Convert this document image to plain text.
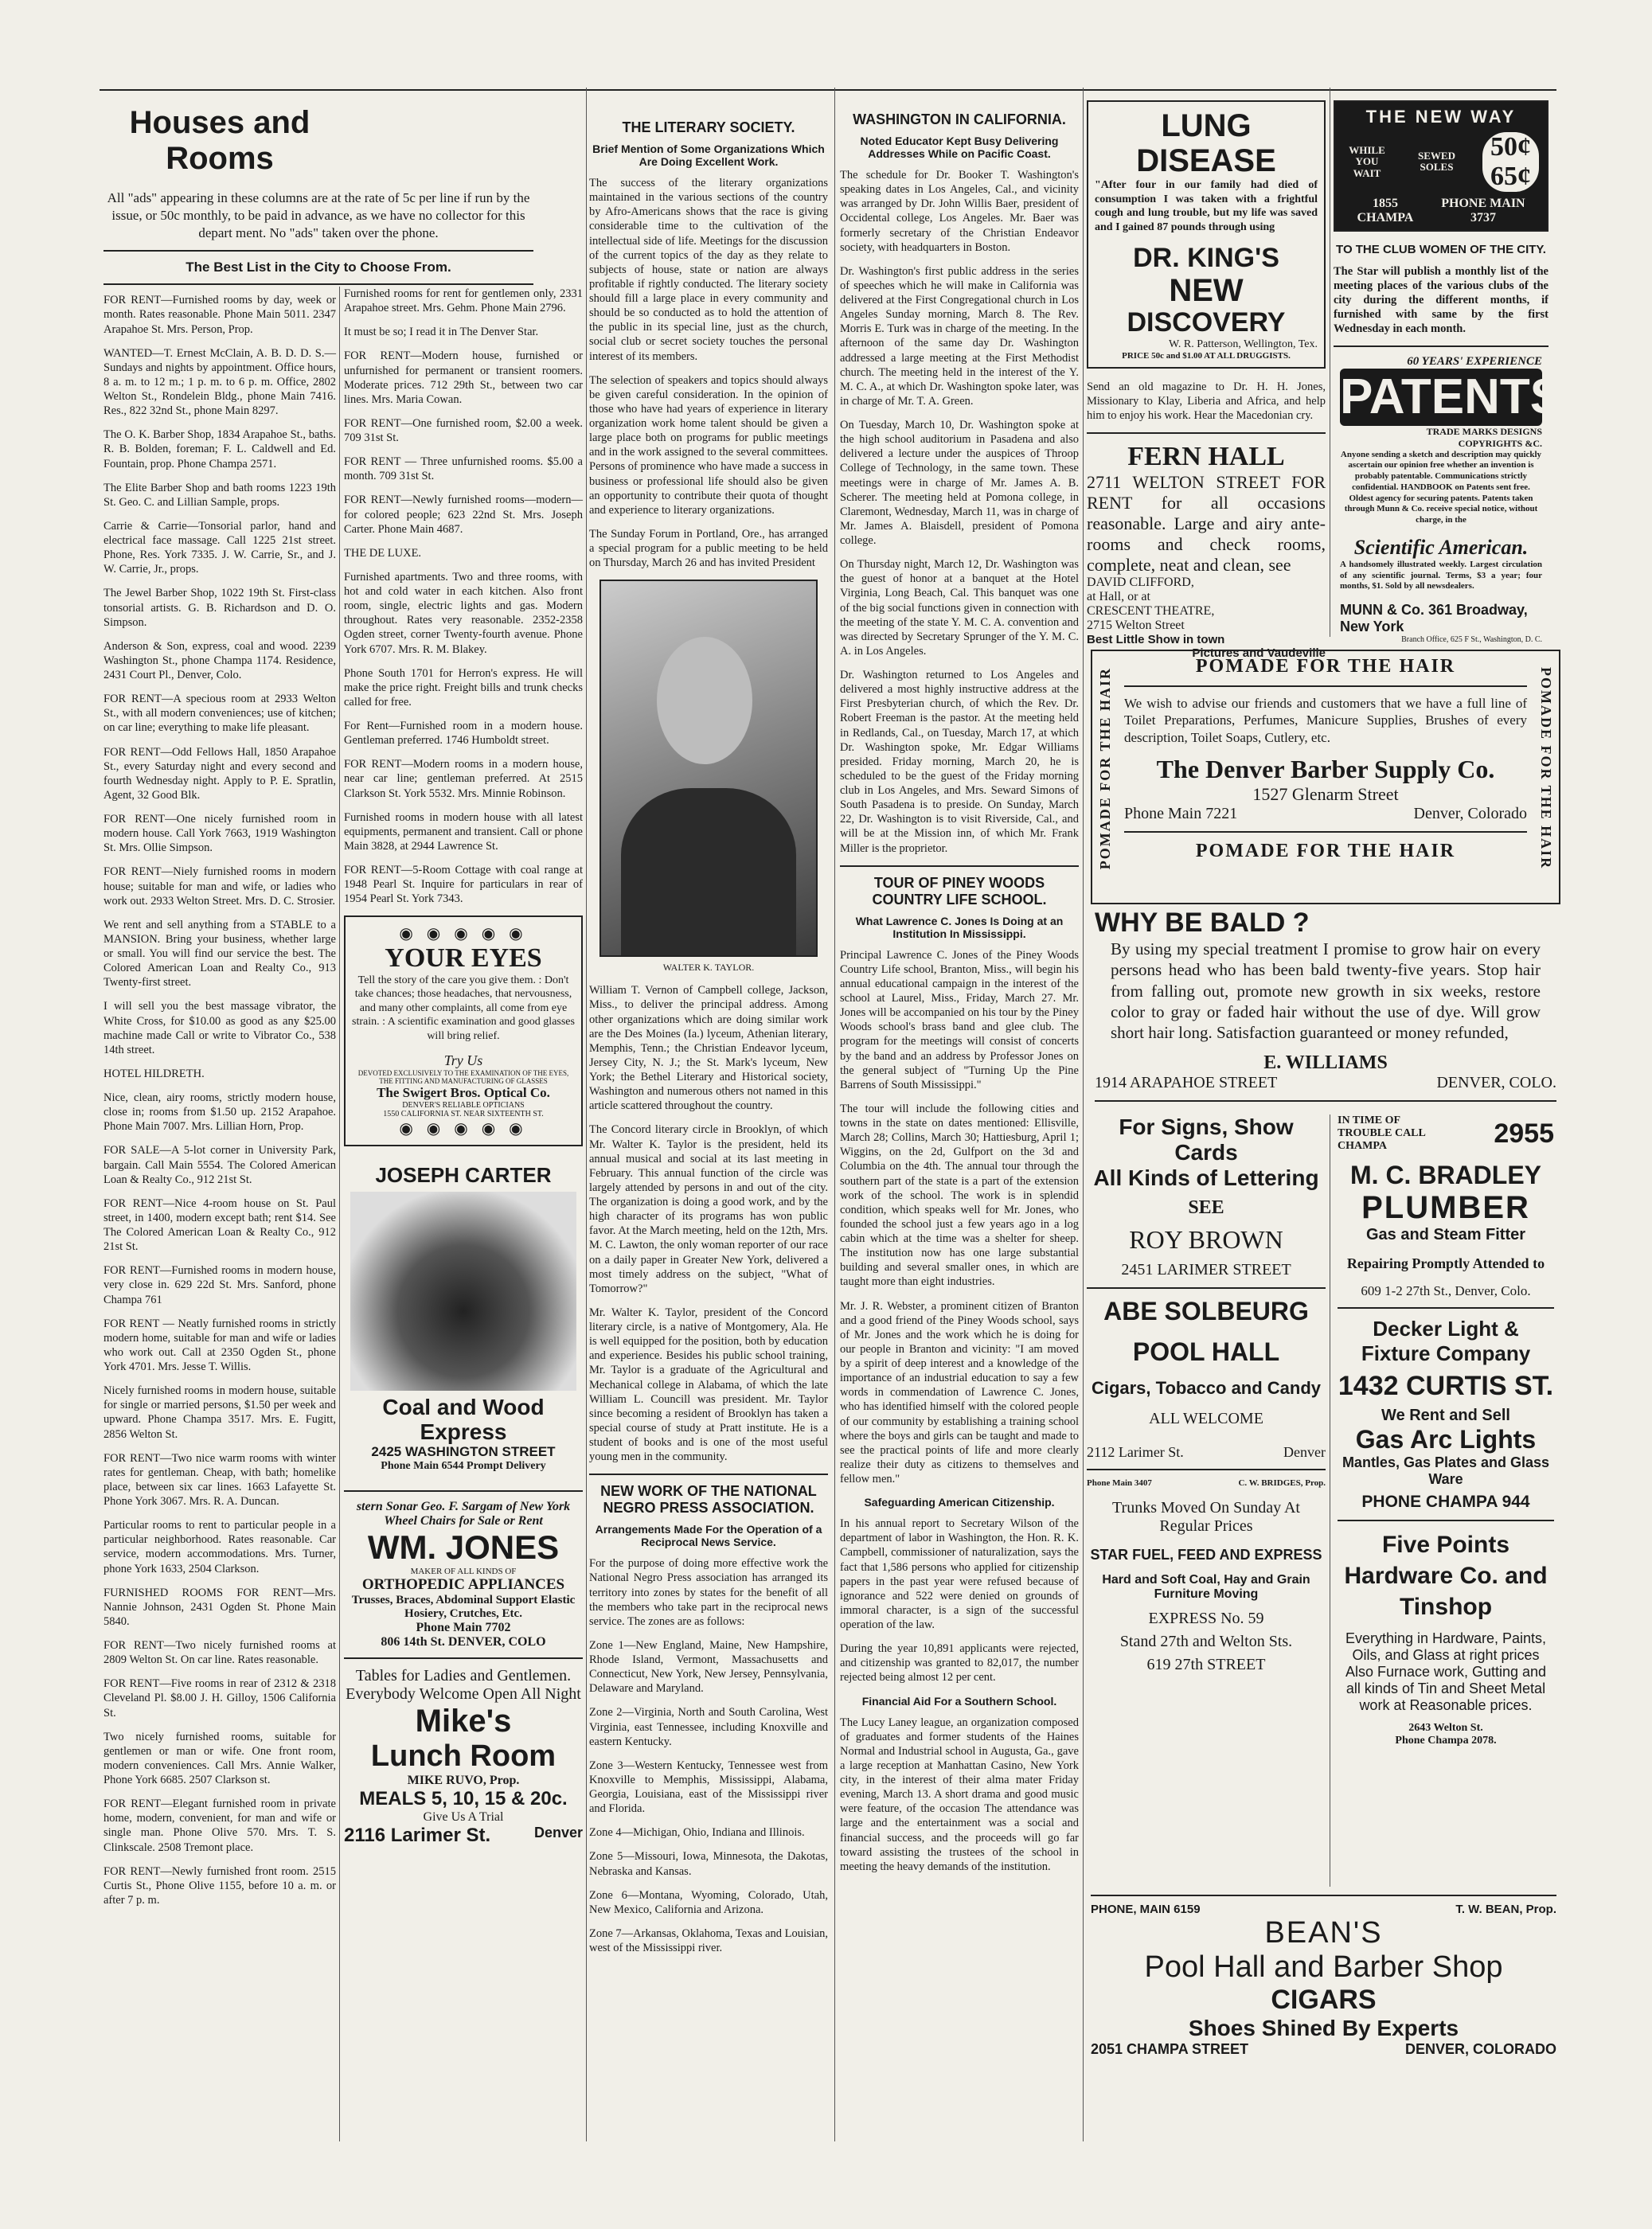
Houses and Rooms
All "ads" appearing in these columns are at the rate of 5c per line if run by the issue, or 50c monthly, to be paid in advance, as we have no collector for this depart ment. No "ads" taken over the phone.
The Best List in the City to Choose From.

FOR RENT—Furnished rooms by day, week or month. Rates reasonable. Phone Main 5011. 2347 Arapahoe St. Mrs. Person, Prop.

WANTED—T. Ernest McClain, A. B. D. D. S.—Sundays and nights by appointment. Office hours, 8 a. m. to 12 m.; 1 p. m. to 6 p. m. Office, 2802 Welton St., Rondelein Bldg., phone Main 7416. Res., 822 32nd St., phone Main 8297.

The O. K. Barber Shop, 1834 Arapahoe St., baths. R. B. Bolden, foreman; F. L. Caldwell and Ed. Fountain, prop. Phone Champa 2571.

The Elite Barber Shop and bath rooms 1223 19th St. Geo. C. and Lillian Sample, props.

Carrie & Carrie—Tonsorial parlor, hand and electrical face massage. Call 1225 21st street. Phone, Res. York 7335. J. W. Carrie, Sr., and J. W. Carrie, Jr., props.

The Jewel Barber Shop, 1022 19th St. First-class tonsorial artists. G. B. Richardson and D. O. Simpson.

Anderson & Son, express, coal and wood. 2239 Washington St., phone Champa 1174. Residence, 2431 Court Pl., Denver, Colo.

FOR RENT—A specious room at 2933 Welton St., with all modern conveniences; use of kitchen; on car line; everything to make life pleasant.

FOR RENT—Odd Fellows Hall, 1850 Arapahoe St., every Saturday night and every second and fourth Wednesday night. Apply to P. E. Spratlin, Agent, 32 Good Blk.

FOR RENT—One nicely furnished room in modern house. Call York 7663, 1919 Washington St. Mrs. Ollie Simpson.

FOR RENT—Niely furnished rooms in modern house; suitable for man and wife, or ladies who work out. 2933 Welton Street. Mrs. D. C. Strosier.

We rent and sell anything from a STABLE to a MANSION. Bring your business, whether large or small. You will find our service the best. The Colored American Loan and Realty Co., 913 Twenty-first street.

I will sell you the best massage vibrator, the White Cross, for $10.00 as good as any $25.00 machine made Call or write to Vibrator Co., 538 14th street.

HOTEL HILDRETH.

Nice, clean, airy rooms, strictly modern house, close in; rooms from $1.50 up. 2152 Arapahoe. Phone Main 7007. Mrs. Lillian Horn, Prop.

FOR SALE—A 5-lot corner in University Park, bargain. Call Main 5554. The Colored American Loan & Realty Co., 912 21st St.

FOR RENT—Nice 4-room house on St. Paul street, in 1400, modern except bath; rent $14. See The Colored American Loan & Realty Co., 912 21st St.

FOR RENT—Furnished rooms in modern house, very close in. 629 22d St. Mrs. Sanford, phone Champa 761

FOR RENT — Neatly furnished rooms in strictly modern home, suitable for man and wife or ladies who work out. Call at 2350 Ogden St., phone York 4701. Mrs. Jesse T. Willis.

Nicely furnished rooms in modern house, suitable for single or married persons, $1.50 per week and upward. Phone Champa 3517. Mrs. E. Fugitt, 2856 Welton St.

FOR RENT—Two nice warm rooms with winter rates for gentleman. Cheap, with bath; homelike place, between six car lines. 1663 Lafayette St. Phone York 3067. Mrs. R. A. Duncan.

Particular rooms to rent to particular people in a particular neighborhood. Rates reasonable. Car service, modern accommodations. Mrs. Turner, phone York 1633, 2504 Clarkson.

FURNISHED ROOMS FOR RENT—Mrs. Nannie Johnson, 2431 Ogden St. Phone Main 5840.

FOR RENT—Two nicely furnished rooms at 2809 Welton St. On car line. Rates reasonable.

FOR RENT—Five rooms in rear of 2312 & 2318 Cleveland Pl. $8.00 J. H. Gilloy, 1506 California St.

Two nicely furnished rooms, suitable for gentlemen or man or wife. One front room, modern conveniences. Call Mrs. Annie Walker, Phone York 6685. 2507 Clarkson st.

FOR RENT—Elegant furnished room in private home, modern, convenient, for man and wife or single man. Phone Olive 570. Mrs. T. S. Clinkscale. 2508 Tremont place.

FOR RENT—Newly furnished front room. 2515 Curtis St., Phone Olive 1155, before 10 a. m. or after 7 p. m.

Furnished rooms for rent for gentlemen only, 2331 Arapahoe street. Mrs. Gehm. Phone Main 2796.

It must be so; I read it in The Denver Star.

FOR RENT—Modern house, furnished or unfurnished for permanent or transient roomers. Moderate prices. 712 29th St., between two car lines. Mrs. Maria Cowan.

FOR RENT—One furnished room, $2.00 a week. 709 31st St.

FOR RENT — Three unfurnished rooms. $5.00 a month. 709 31st St.

FOR RENT—Newly furnished rooms—modern—for colored people; 623 22nd St. Mrs. Joseph Carter. Phone Main 4687.

THE DE LUXE.

Furnished apartments. Two and three rooms, with hot and cold water in each kitchen. Also front room, single, electric lights and gas. Modern throughout. Rates very reasonable. 2352-2358 Ogden street, corner Twenty-fourth avenue. Phone York 6707. Mrs. R. M. Blakey.

Phone South 1701 for Herron's express. He will make the price right. Freight bills and trunk checks called for free.

For Rent—Furnished room in a modern house. Gentleman preferred. 1746 Humboldt street.

FOR RENT—Modern rooms in a modern house, near car line; gentleman preferred. At 2515 Clarkson St. York 5532. Mrs. Minnie Robinson.

Furnished rooms in modern house with all latest equipments, permanent and transient. Call or phone Main 3828, at 2944 Lawrence St.

FOR RENT—5-Room Cottage with coal range at 1948 Pearl St. Inquire for particulars in rear of 1954 Pearl St. York 7343.

◉ ◉ ◉ ◉ ◉
YOUR EYES

Tell the story of the care you give them. : Don't take chances; those headaches, that nervousness, and many other complaints, all come from eye strain. : A scientific examination and good glasses will bring relief.

Try Us
DEVOTED EXCLUSIVELY TO THE EXAMINATION OF THE EYES, THE FITTING AND MANUFACTURING OF GLASSES
The Swigert Bros. Optical Co.
DENVER'S RELIABLE OPTICIANS
1550 CALIFORNIA ST. NEAR SIXTEENTH ST.
◉ ◉ ◉ ◉ ◉
JOSEPH CARTER
Coal and Wood
Express
2425 WASHINGTON STREET
Phone Main 6544 Prompt Delivery
stern Sonar Geo. F. Sargam of New York
Wheel Chairs for Sale or Rent
WM. JONES
MAKER OF ALL KINDS OF
ORTHOPEDIC APPLIANCES
Trusses, Braces, Abdominal Support Elastic Hosiery, Crutches, Etc.
Phone Main 7702
806 14th St. DENVER, COLO
Tables for Ladies and Gentlemen. Everybody Welcome Open All Night
Mike's
Lunch Room
MIKE RUVO, Prop.
MEALS 5, 10, 15 & 20c.
Give Us A Trial
2116 Larimer St.	Denver
THE LITERARY SOCIETY.
Brief Mention of Some Organizations Which Are Doing Excellent Work.

The success of the literary organizations maintained in the various sections of the country by Afro-Americans shows that the race is giving considerable time to the cultivation of the intellectual side of life. Meetings for the discussion of the current topics of the day as they relate to subjects of house, state or nation are always profitable if rightly conducted. The literary society should fill a large place in every community and should be so conducted as to hold the attention of the public in its special line, just as the church, social club or secret society touches the personal interest of its members.

The selection of speakers and topics should always be given careful consideration. In the opinion of those who have had years of experience in literary organization work home talent should be given a large place both on programs for public meetings and in the work assigned to the several committees. Persons of prominence who have made a success in business or professional life should also be given an opportunity to contribute their quota of thought and experience to literary organizations.

The Sunday Forum in Portland, Ore., has arranged a special program for a public meeting to be held on Thursday, March 26 and has invited President

WALTER K. TAYLOR.

William T. Vernon of Campbell college, Jackson, Miss., to deliver the principal address. Among other organizations which are doing similar work are the Des Moines (Ia.) lyceum, Athenian literary, Memphis, Tenn.; the Christian Endeavor lyceum, Jersey City, N. J.; the St. Mark's lyceum, New York; the Bethel Literary and Historical society, Washington and numerous others not named in this article scattered throughout the country.

The Concord literary circle in Brooklyn, of which Mr. Walter K. Taylor is the president, held its annual musical and social at its last meeting in February. This annual function of the circle was largely attended by persons in and out of the city. The organization is doing a good work, and by the high character of its programs has won public favor. At the March meeting, held on the 12th, Mrs. M. C. Lawton, the only woman reporter of our race on a daily paper in Greater New York, delivered a most timely address on the subject, "What of Tomorrow?"

Mr. Walter K. Taylor, president of the Concord literary circle, is a native of Montgomery, Ala. He is well equipped for the position, both by education and experience. Besides his public school training, Mr. Taylor is a graduate of the Agricultural and Mechanical college in Alabama, of which the late William L. Councill was president. Mr. Taylor since becoming a resident of Brooklyn has taken a special course of study at Pratt institute. He is a student of books and is one of the most useful young men in the community.

NEW WORK OF THE NATIONAL NEGRO PRESS ASSOCIATION.
Arrangements Made For the Operation of a Reciprocal News Service.

For the purpose of doing more effective work the National Negro Press association has arranged its territory into zones by states for the benefit of all the members who take part in the reciprocal news service. The zones are as follows:

Zone 1—New England, Maine, New Hampshire, Rhode Island, Vermont, Massachusetts and Connecticut, New York, New Jersey, Pennsylvania, Delaware and Maryland.

Zone 2—Virginia, North and South Carolina, West Virginia, east Tennessee, including Knoxville and eastern Kentucky.

Zone 3—Western Kentucky, Tennessee west from Knoxville to Memphis, Mississippi, Alabama, Georgia, Louisiana, east of the Mississippi river and Florida.

Zone 4—Michigan, Ohio, Indiana and Illinois.

Zone 5—Missouri, Iowa, Minnesota, the Dakotas, Nebraska and Kansas.

Zone 6—Montana, Wyoming, Colorado, Utah, New Mexico, California and Arizona.

Zone 7—Arkansas, Oklahoma, Texas and Louisian, west of the Mississippi river.

WASHINGTON IN CALIFORNIA.
Noted Educator Kept Busy Delivering Addresses While on Pacific Coast.

The schedule for Dr. Booker T. Washington's speaking dates in Los Angeles, Cal., and vicinity was arranged by Dr. John Willis Baer, president of Occidental college, Los Angeles. Mr. Baer was formerly secretary of the Christian Endeavor society, with headquarters in Boston.

Dr. Washington's first public address in the series of speeches which he will make in California was delivered at the First Congregational church in Los Angeles Sunday morning, March 8. The Rev. Morris E. Turk was in charge of the meeting. In the afternoon of the same day Dr. Washington addressed a large meeting at the First Methodist church. The meeting held in the interest of the Y. M. C. A., at which Dr. Washington spoke later, was in charge of Mr. T. A. Green.

On Tuesday, March 10, Dr. Washington spoke at the high school auditorium in Pasadena and also delivered a lecture under the auspices of Throop College of Technology, in the same town. These meetings were in charge of Mr. James A. B. Scherer. The meeting held at Pomona college, in Claremont, Wednesday, March 11, was in charge of Mr. James A. Blaisdell, president of Pomona college.

On Thursday night, March 12, Dr. Washington was the guest of honor at a banquet at the Hotel Virginia, Long Beach, Cal. This banquet was one of the big social functions given in connection with the meeting of the state Y. M. C. A. convention and was directed by Secretary Sprunger of the Y. M. C. A. in Los Angeles.

Dr. Washington returned to Los Angeles and delivered a most highly instructive address at the First Presbyterian church, of which the Rev. Dr. Robert Freeman is the pastor. At the meeting held in Redlands, Cal., on Tuesday, March 17, at which Dr. Washington spoke, Mr. Edgar Williams presided. Friday morning, March 20, he is scheduled to be the guest of the Friday morning club in Los Angeles, and Mrs. Seward Simons of South Pasadena is to preside. On Sunday, March 22, Dr. Washington is to visit Riverside, Cal., and will be at the Mission inn, of which Mr. Frank Miller is the proprietor.

TOUR OF PINEY WOODS COUNTRY LIFE SCHOOL.
What Lawrence C. Jones Is Doing at an Institution In Mississippi.

Principal Lawrence C. Jones of the Piney Woods Country Life school, Branton, Miss., will begin his annual educational campaign in the interest of the school at Laurel, Miss., Friday, March 27. Mr. Jones will be accompanied on his tour by the Piney Woods school's brass band and glee club. The program for the meetings will consist of concerts by the band and an address by Professor Jones on the general subject of "Turning Up the Pine Barrens of South Mississippi."

The tour will include the following cities and towns in the state on dates mentioned: Ellisville, March 28; Collins, March 30; Hattiesburg, April 1; Wiggins, on the 2d, Gulfport on the 3d and Columbia on the 4th. The annual tour through the southern part of the state is a part of the extension work of the school. The work is in splendid condition, which speaks well for Mr. Jones, who founded the school just a few years ago in a log cabin which at the time was a shelter for sheep. The institution now has one large substantial building and several smaller ones, in which are taught more than eight industries.

Mr. J. R. Webster, a prominent citizen of Branton and a good friend of the Piney Woods school, says of Mr. Jones and the work which he is doing for our people in Branton and vicinity: "I am moved by a spirit of deep interest and a knowledge of the importance of an industrial education to say a few words in commendation of Lawrence C. Jones, who has identified himself with the colored people of our community by establishing a training school where the boys and girls can be taught and made to see the practical points of life and more clearly realize their duty as citizens to themselves and fellow men."

Safeguarding American Citizenship.

In his annual report to Secretary Wilson of the department of labor in Washington, the Hon. R. K. Campbell, commissioner of naturalization, says the fact that 1,586 persons who applied for citizenship papers in the past year were refused because of ignorance and 522 were denied on grounds of immoral character, is a sign of the successful operation of the law.

During the year 10,891 applicants were rejected, and citizenship was granted to 82,017, the number rejected being almost 12 per cent.

Financial Aid For a Southern School.

The Lucy Laney league, an organization composed of graduates and former students of the Haines Normal and Industrial school in Augusta, Ga., gave a large reception at Manhattan Casino, New York city, in the interest of their alma mater Friday evening, March 13. A short drama and good music were feature, of the occasion The attendance was large and the entertainment was a social and financial success, and the proceeds will go far toward assisting the trustees of the school in meeting the heavy demands of the institution.

LUNG DISEASE

"After four in our family had died of consumption I was taken with a frightful cough and lung trouble, but my life was saved and I gained 87 pounds through using

DR. KING'S
NEW
DISCOVERY
W. R. Patterson, Wellington, Tex.
PRICE 50c and $1.00 AT ALL DRUGGISTS.

Send an old magazine to Dr. H. H. Jones, Missionary to Klay, Liberia and Africa, and help him to enjoy his work. Hear the Macedonian cry.

FERN HALL
2711 WELTON STREET FOR RENT for all occasions reasonable. Large and airy ante-rooms and check rooms, complete, neat and clean, see
DAVID CLIFFORD,
at Hall, or at
CRESCENT THEATRE,
2715 Welton Street
Best Little Show in town
Pictures and Vaudeville
POMADE FOR THE HAIR

We wish to advise our friends and customers that we have a full line of Toilet Preparations, Perfumes, Manicure Supplies, Brushes of every description, Toilet Soaps, Cutlery, etc.

The Denver Barber Supply Co.
1527 Glenarm Street
Phone Main 7221	Denver, Colorado
POMADE FOR THE HAIR
POMADE FOR THE HAIR	POMADE FOR THE HAIR
WHY BE BALD ?

By using my special treatment I promise to grow hair on every persons head who has been bald twenty-five years. Stop hair from falling out, promote new growth in six weeks, restore color to gray or faded hair without the use of dye. Will grow short hair long. Satisfaction guaranteed or money refunded,

E. WILLIAMS
1914 ARAPAHOE STREET	DENVER, COLO.
For Signs, Show Cards
All Kinds of Lettering
SEE
ROY BROWN
2451 LARIMER STREET
ABE SOLBEURG
POOL HALL
Cigars, Tobacco and Candy
ALL WELCOME
2112 Larimer St.	Denver
Phone Main 3407	C. W. BRIDGES, Prop.
Trunks Moved On Sunday At Regular Prices
STAR FUEL, FEED AND EXPRESS
Hard and Soft Coal, Hay and Grain Furniture Moving
EXPRESS No. 59
Stand 27th and Welton Sts.
619 27th STREET
THE NEW WAY
WHILE YOU WAIT
SEWED SOLES
50¢
65¢
1855 CHAMPA
PHONE MAIN 3737
TO THE CLUB WOMEN OF THE CITY.

The Star will publish a monthly list of the meeting places of the various clubs of the city during the different months, if furnished with same by the first Wednesday in each month.

60 YEARS' EXPERIENCE
PATENTS
TRADE MARKS DESIGNS COPYRIGHTS &C.

Anyone sending a sketch and description may quickly ascertain our opinion free whether an invention is probably patentable. Communications strictly confidential. HANDBOOK on Patents sent free. Oldest agency for securing patents. Patents taken through Munn & Co. receive special notice, without charge, in the

Scientific American.

A handsomely illustrated weekly. Largest circulation of any scientific journal. Terms, $3 a year; four months, $1. Sold by all newsdealers.

MUNN & Co. 361 Broadway, New York
Branch Office, 625 F St., Washington, D. C.
IN TIME OF TROUBLE CALL CHAMPA	2955
M. C. BRADLEY
PLUMBER
Gas and Steam Fitter
Repairing Promptly Attended to
609 1-2 27th St., Denver, Colo.
Decker Light & Fixture Company
1432 CURTIS ST.
We Rent and Sell
Gas Arc Lights
Mantles, Gas Plates and Glass Ware
PHONE CHAMPA 944
Five Points Hardware Co. and Tinshop
Everything in Hardware, Paints, Oils, and Glass at right prices Also Furnace work, Gutting and all kinds of Tin and Sheet Metal work at Reasonable prices.
2643 Welton St.
Phone Champa 2078.
PHONE, MAIN 6159	T. W. BEAN, Prop.
BEAN'S
Pool Hall and Barber Shop
CIGARS
Shoes Shined By Experts
2051 CHAMPA STREET	DENVER, COLORADO
